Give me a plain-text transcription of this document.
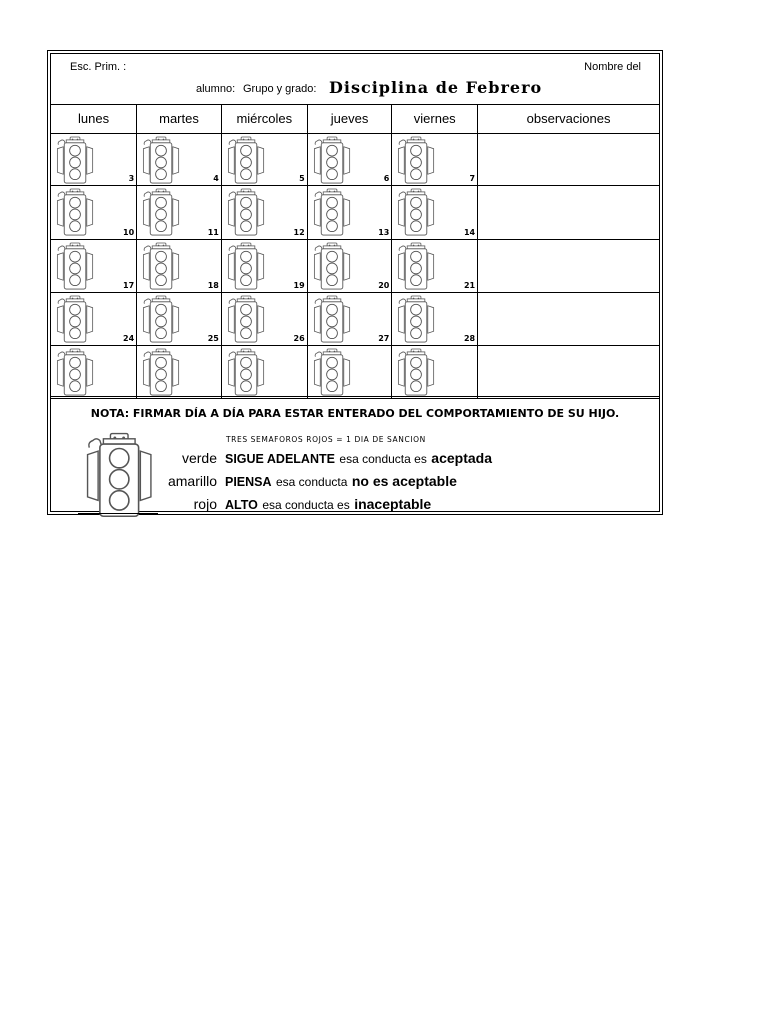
Esc. Prim. :	Nombre del
alumno: Grupo y grado: Disciplina de Febrero
lunes	martes	miércoles	jueves	viernes	observaciones

3	4	5	6	7	

10	11	12	13	14	

17	18	19	20	21	

24	25	26	27	28	

NOTA: FIRMAR DÍA A DÍA PARA ESTAR ENTERADO DEL COMPORTAMIENTO DE SU HIJO.
TRES SEMAFOROS ROJOS = 1 DIA DE SANCION
verde SIGUE ADELANTE esa conducta es aceptada
amarillo PIENSA esa conducta no es aceptable
rojo ALTO esa conducta es inaceptable
